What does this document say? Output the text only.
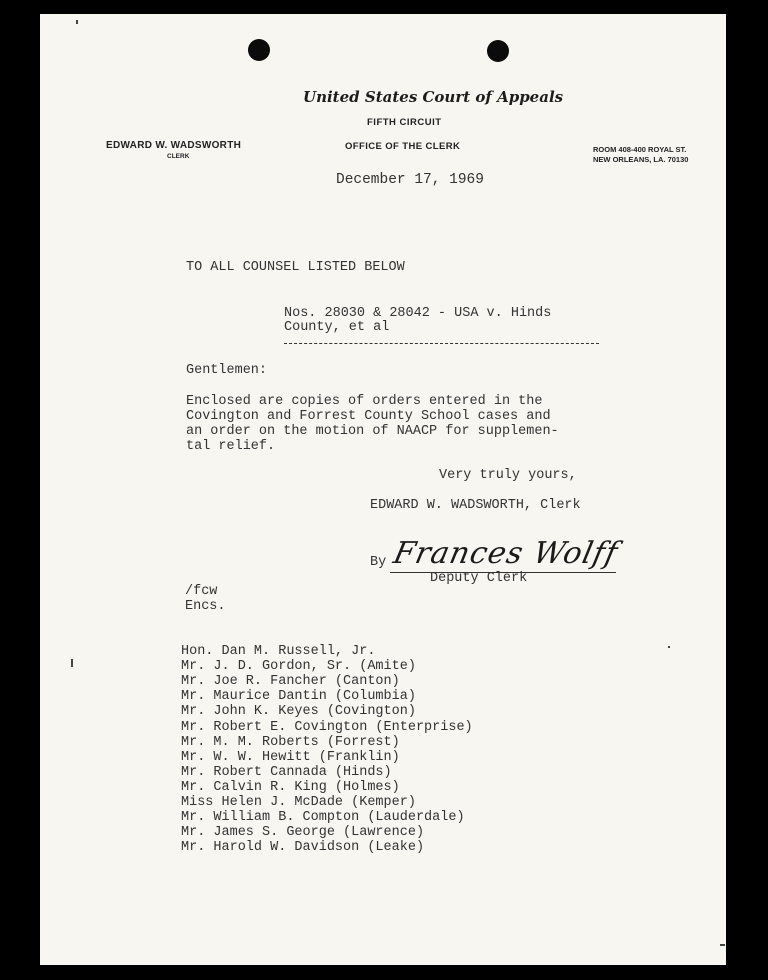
United States Court of Appeals
FIFTH CIRCUIT
EDWARD W. WADSWORTH
CLERK
OFFICE OF THE CLERK	ROOM 408-400 ROYAL ST.
NEW ORLEANS, LA. 70130
December 17, 1969
TO ALL COUNSEL LISTED BELOW
Nos. 28030 & 28042 - USA v. Hinds
County, et al
Gentlemen:
Enclosed are copies of orders entered in the
Covington and Forrest County School cases and
an order on the motion of NAACP for supplemen-
tal relief.
Very truly yours,
EDWARD W. WADSWORTH, Clerk
By Frances Wolff
Deputy Clerk
/fcw
Encs.
Hon. Dan M. Russell, Jr.
Mr. J. D. Gordon, Sr. (Amite)
Mr. Joe R. Fancher (Canton)
Mr. Maurice Dantin (Columbia)
Mr. John K. Keyes (Covington)
Mr. Robert E. Covington (Enterprise)
Mr. M. M. Roberts (Forrest)
Mr. W. W. Hewitt (Franklin)
Mr. Robert Cannada (Hinds)
Mr. Calvin R. King (Holmes)
Miss Helen J. McDade (Kemper)
Mr. William B. Compton (Lauderdale)
Mr. James S. George (Lawrence)
Mr. Harold W. Davidson (Leake)
